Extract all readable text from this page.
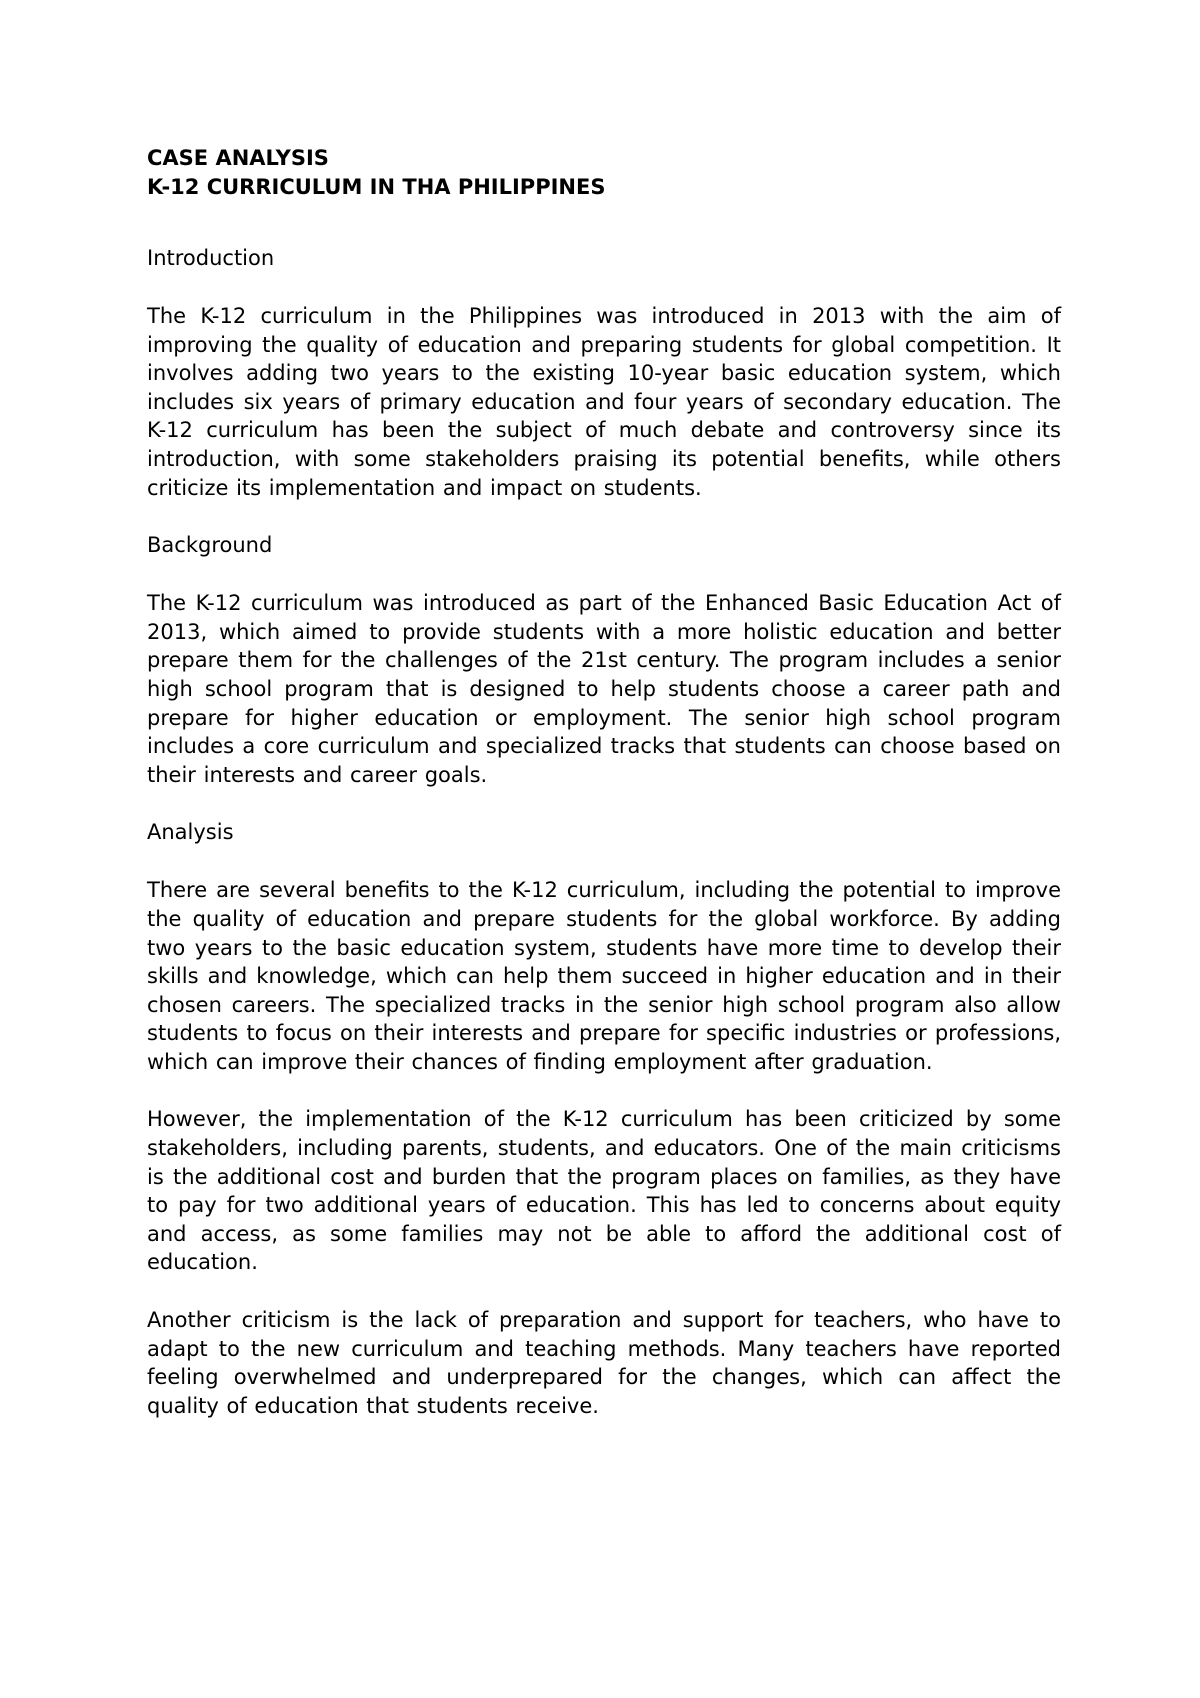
CASE ANALYSIS

K-12 CURRICULUM IN THA PHILIPPINES

Introduction

The K-12 curriculum in the Philippines was introduced in 2013 with the aim of improving the quality of education and preparing students for global competition. It involves adding two years to the existing 10-year basic education system, which includes six years of primary education and four years of secondary education. The K-12 curriculum has been the subject of much debate and controversy since its introduction, with some stakeholders praising its potential benefits, while others criticize its implementation and impact on students.

Background

The K-12 curriculum was introduced as part of the Enhanced Basic Education Act of 2013, which aimed to provide students with a more holistic education and better prepare them for the challenges of the 21st century. The program includes a senior high school program that is designed to help students choose a career path and prepare for higher education or employment. The senior high school program includes a core curriculum and specialized tracks that students can choose based on their interests and career goals.

Analysis

There are several benefits to the K-12 curriculum, including the potential to improve the quality of education and prepare students for the global workforce. By adding two years to the basic education system, students have more time to develop their skills and knowledge, which can help them succeed in higher education and in their chosen careers. The specialized tracks in the senior high school program also allow students to focus on their interests and prepare for specific industries or professions, which can improve their chances of finding employment after graduation.

However, the implementation of the K-12 curriculum has been criticized by some stakeholders, including parents, students, and educators. One of the main criticisms is the additional cost and burden that the program places on families, as they have to pay for two additional years of education. This has led to concerns about equity and access, as some families may not be able to afford the additional cost of education.

Another criticism is the lack of preparation and support for teachers, who have to adapt to the new curriculum and teaching methods. Many teachers have reported feeling overwhelmed and underprepared for the changes, which can affect the quality of education that students receive.
